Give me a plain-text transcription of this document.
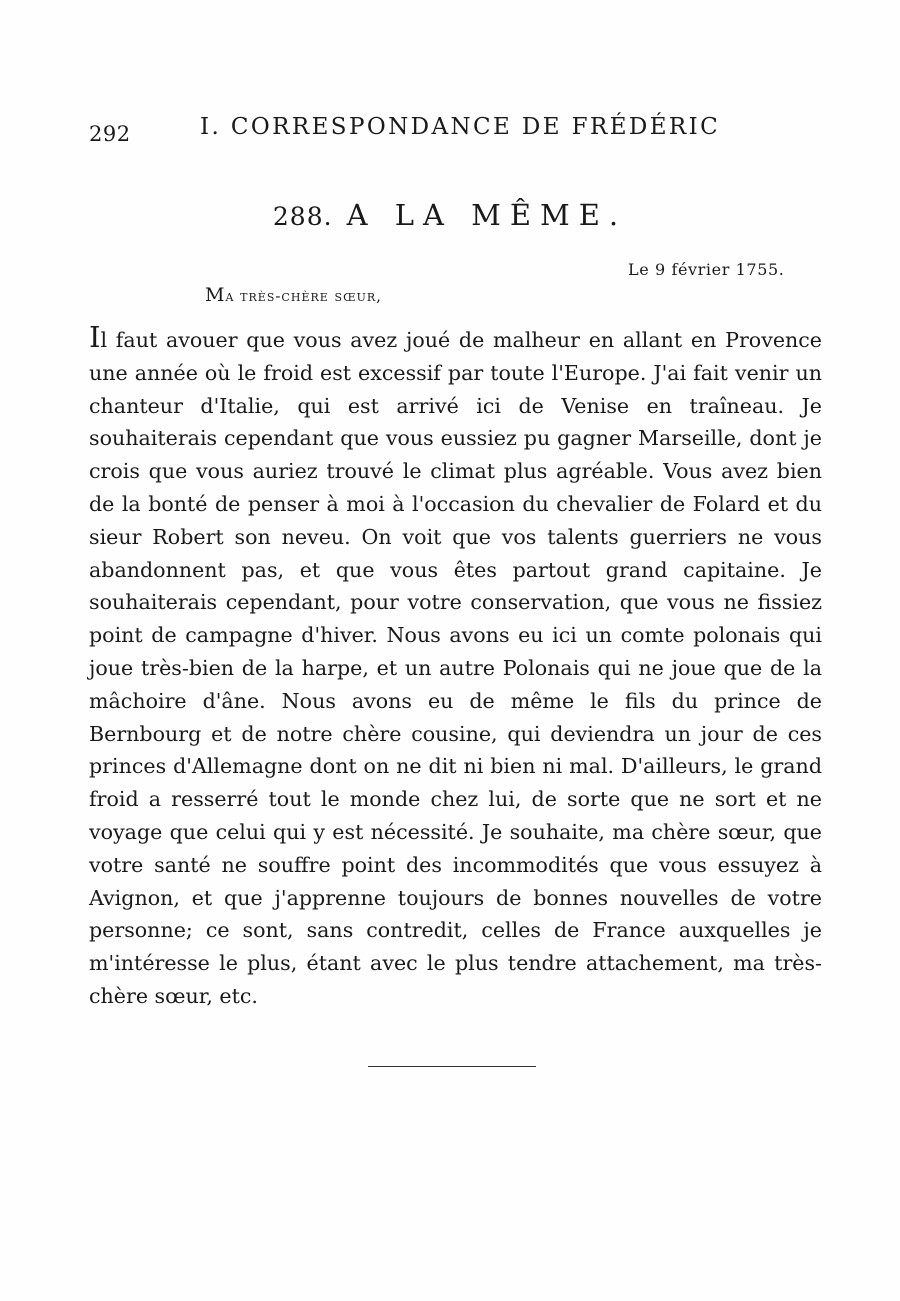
292	I. CORRESPONDANCE DE FRÉDÉRIC
288. A LA MÊME.
Le 9 février 1755.
Ma très-chère sœur,

Il faut avouer que vous avez joué de malheur en allant en Provence une année où le froid est excessif par toute l'Europe. J'ai fait venir un chanteur d'Italie, qui est arrivé ici de Venise en traîneau. Je souhaiterais cependant que vous eussiez pu gagner Marseille, dont je crois que vous auriez trouvé le climat plus agréable. Vous avez bien de la bonté de penser à moi à l'occasion du chevalier de Folard et du sieur Robert son neveu. On voit que vos talents guerriers ne vous abandonnent pas, et que vous êtes partout grand capitaine. Je souhaiterais cependant, pour votre conservation, que vous ne fissiez point de campagne d'hiver. Nous avons eu ici un comte polonais qui joue très-bien de la harpe, et un autre Polonais qui ne joue que de la mâchoire d'âne. Nous avons eu de même le fils du prince de Bernbourg et de notre chère cousine, qui deviendra un jour de ces princes d'Allemagne dont on ne dit ni bien ni mal. D'ailleurs, le grand froid a resserré tout le monde chez lui, de sorte que ne sort et ne voyage que celui qui y est nécessité. Je souhaite, ma chère sœur, que votre santé ne souffre point des incommodités que vous essuyez à Avignon, et que j'apprenne toujours de bonnes nouvelles de votre personne; ce sont, sans contredit, celles de France auxquelles je m'intéresse le plus, étant avec le plus tendre attachement, ma très-chère sœur, etc.
